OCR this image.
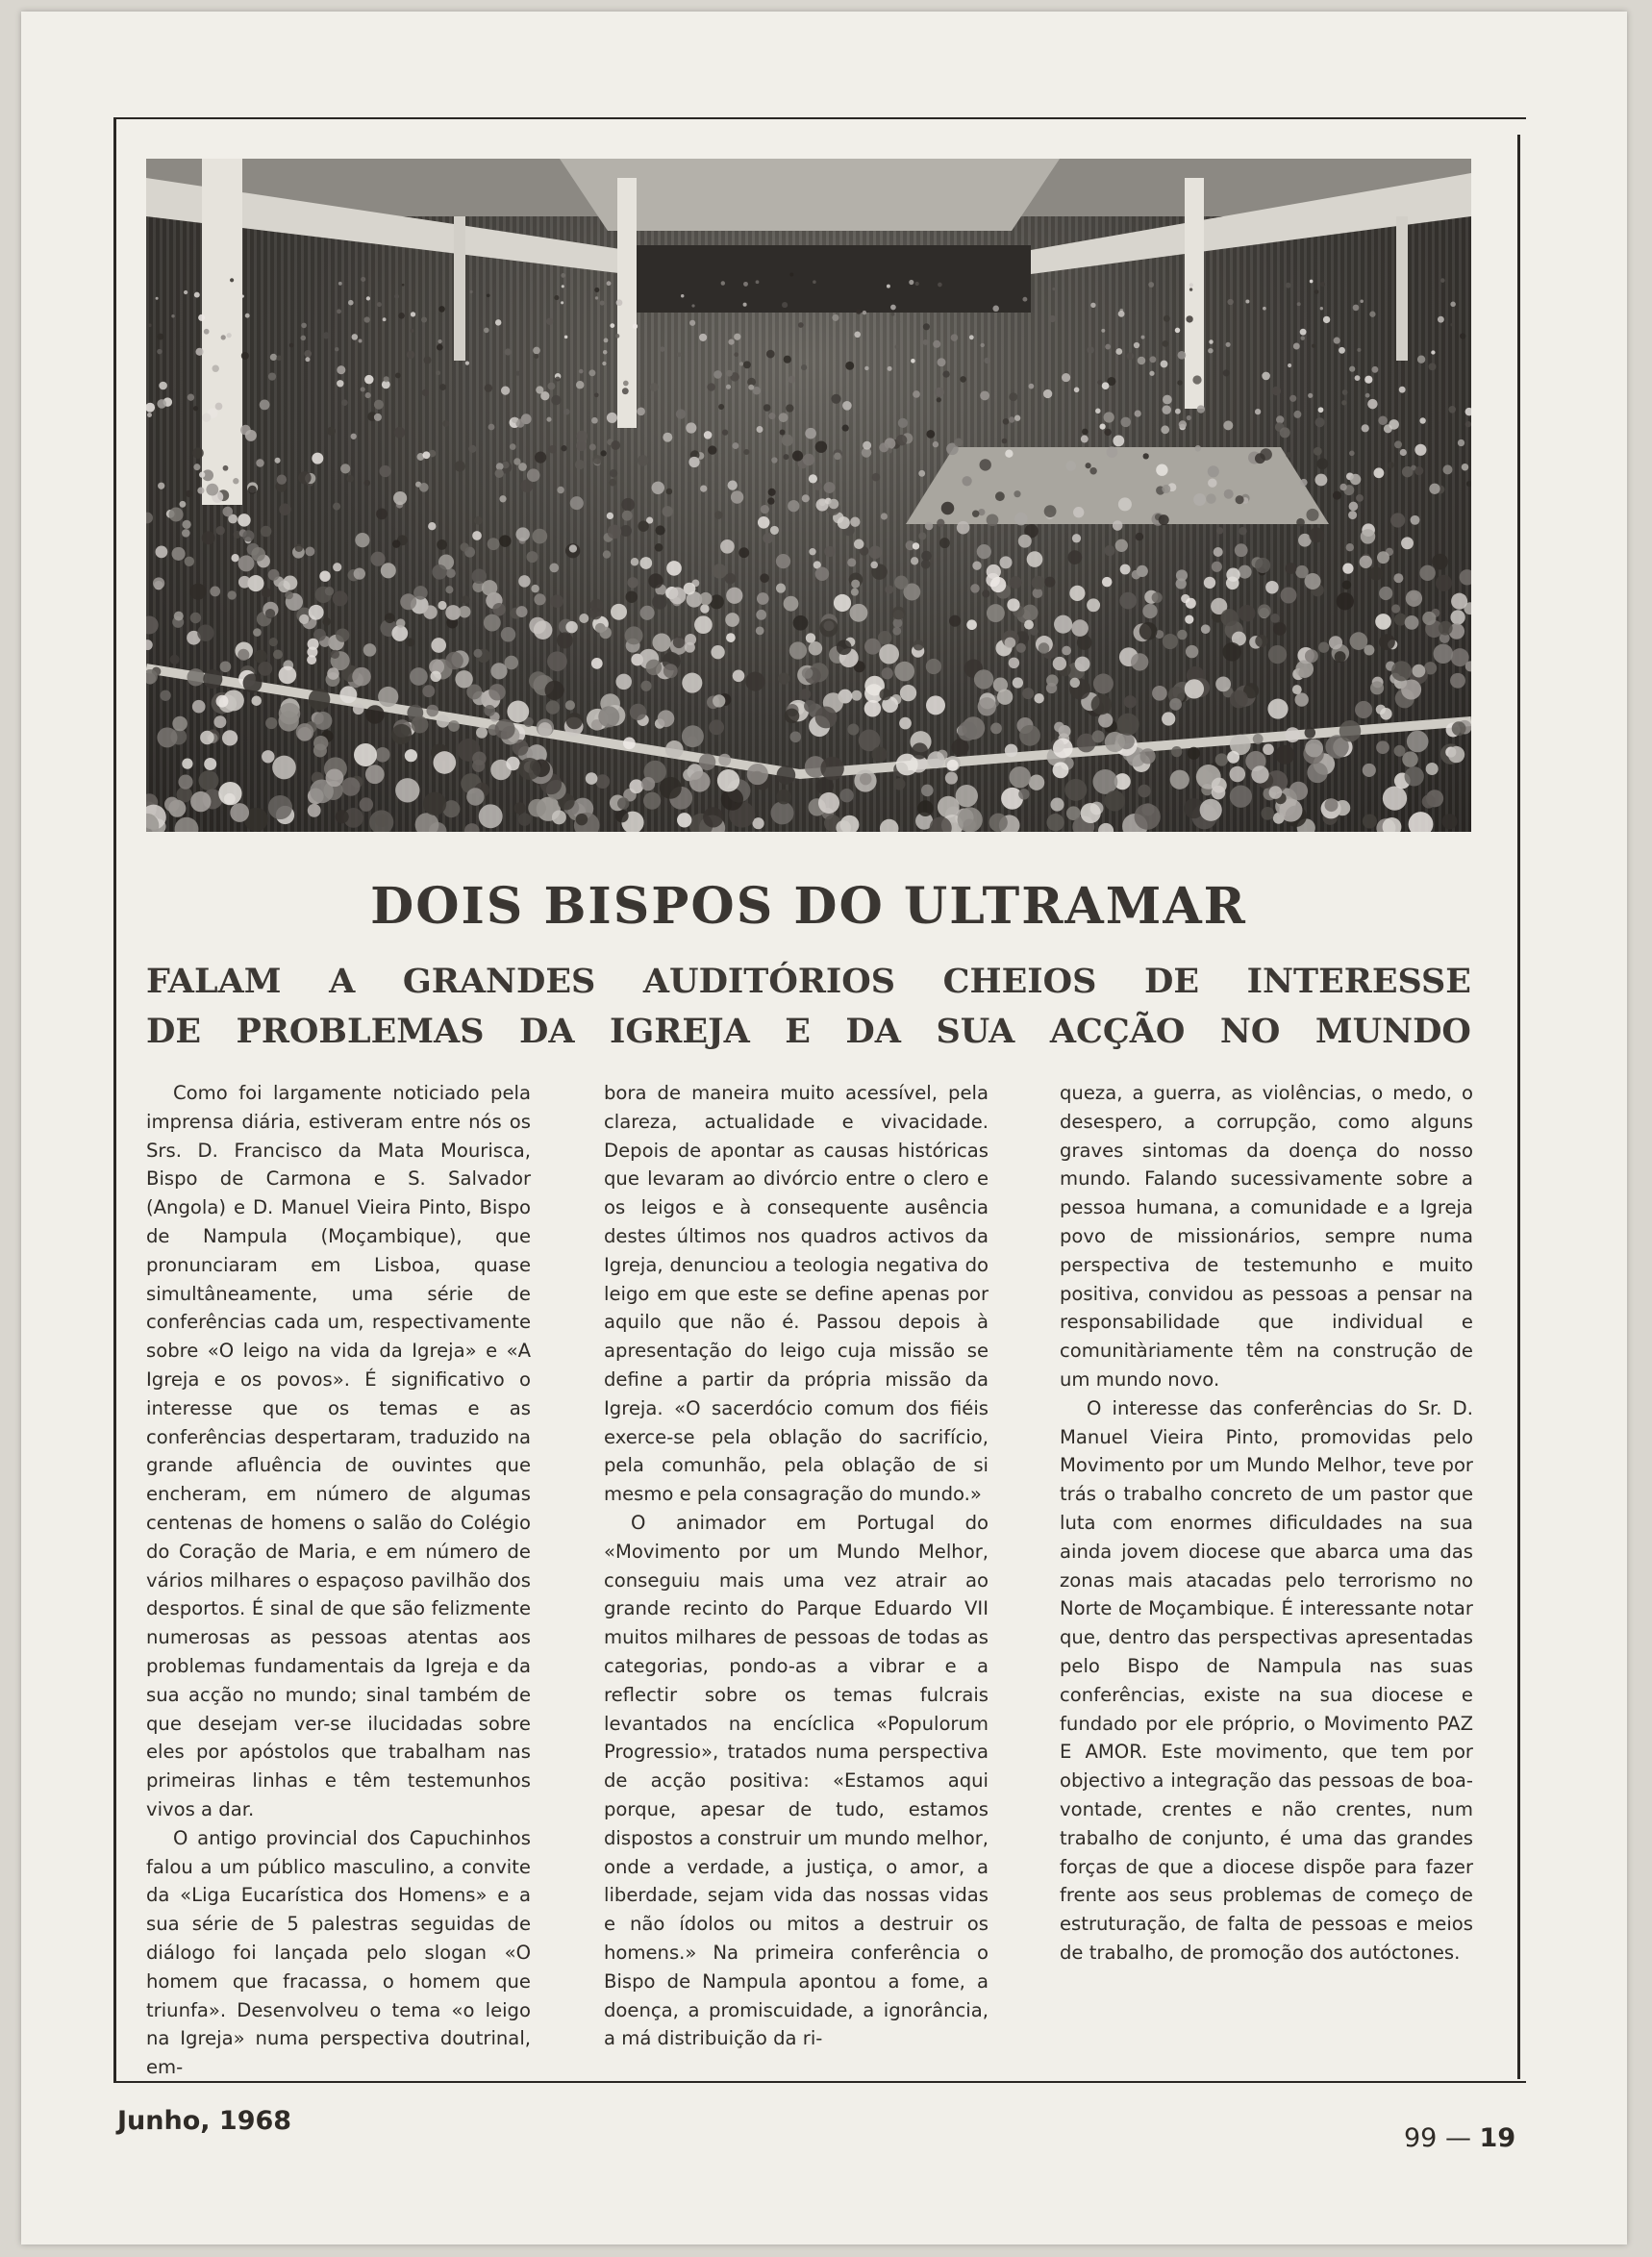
DOIS BISPOS DO ULTRAMAR
FALAM A GRANDES AUDITÓRIOS CHEIOS DE INTERESSE
DE PROBLEMAS DA IGREJA E DA SUA ACÇÃO NO MUNDO

Como foi largamente noticiado pela imprensa diária, estiveram entre nós os Srs. D. Francisco da Mata Mourisca, Bispo de Carmona e S. Salvador (Angola) e D. Manuel Vieira Pinto, Bispo de Nampula (Moçambique), que pronunciaram em Lisboa, quase simultâneamente, uma série de conferências cada um, respectivamente sobre «O leigo na vida da Igreja» e «A Igreja e os povos». É significativo o interesse que os temas e as conferências despertaram, traduzido na grande afluência de ouvintes que encheram, em número de algumas centenas de homens o salão do Colégio do Coração de Maria, e em número de vários milhares o espaçoso pavilhão dos desportos. É sinal de que são felizmente numerosas as pessoas atentas aos problemas fundamentais da Igreja e da sua acção no mundo; sinal também de que desejam ver-se ilucidadas sobre eles por apóstolos que trabalham nas primeiras linhas e têm testemunhos vivos a dar.

O antigo provincial dos Capuchinhos falou a um público masculino, a convite da «Liga Eucarística dos Homens» e a sua série de 5 palestras seguidas de diálogo foi lançada pelo slogan «O homem que fracassa, o homem que triunfa». Desenvolveu o tema «o leigo na Igreja» numa perspectiva doutrinal, em-

bora de maneira muito acessível, pela clareza, actualidade e vivacidade. Depois de apontar as causas históricas que levaram ao divórcio entre o clero e os leigos e à consequente ausência destes últimos nos quadros activos da Igreja, denunciou a teologia negativa do leigo em que este se define apenas por aquilo que não é. Passou depois à apresentação do leigo cuja missão se define a partir da própria missão da Igreja. «O sacerdócio comum dos fiéis exerce-se pela oblação do sacrifício, pela comunhão, pela oblação de si mesmo e pela consagração do mundo.»

O animador em Portugal do «Movimento por um Mundo Melhor, conseguiu mais uma vez atrair ao grande recinto do Parque Eduardo VII muitos milhares de pessoas de todas as categorias, pondo-as a vibrar e a reflectir sobre os temas fulcrais levantados na encíclica «Populorum Progressio», tratados numa perspectiva de acção positiva: «Estamos aqui porque, apesar de tudo, estamos dispostos a construir um mundo melhor, onde a verdade, a justiça, o amor, a liberdade, sejam vida das nossas vidas e não ídolos ou mitos a destruir os homens.» Na primeira conferência o Bispo de Nampula apontou a fome, a doença, a promiscuidade, a ignorância, a má distribuição da ri-

queza, a guerra, as violências, o medo, o desespero, a corrupção, como alguns graves sintomas da doença do nosso mundo. Falando sucessivamente sobre a pessoa humana, a comunidade e a Igreja povo de missionários, sempre numa perspectiva de testemunho e muito positiva, convidou as pessoas a pensar na responsabilidade que individual e comunitàriamente têm na construção de um mundo novo.

O interesse das conferências do Sr. D. Manuel Vieira Pinto, promovidas pelo Movimento por um Mundo Melhor, teve por trás o trabalho concreto de um pastor que luta com enormes dificuldades na sua ainda jovem diocese que abarca uma das zonas mais atacadas pelo terrorismo no Norte de Moçambique. É interessante notar que, dentro das perspectivas apresentadas pelo Bispo de Nampula nas suas conferências, existe na sua diocese e fundado por ele próprio, o Movimento PAZ E AMOR. Este movimento, que tem por objectivo a integração das pessoas de boa-vontade, crentes e não crentes, num trabalho de conjunto, é uma das grandes forças de que a diocese dispõe para fazer frente aos seus problemas de começo de estruturação, de falta de pessoas e meios de trabalho, de promoção dos autóctones.

Junho, 1968
99 — 19
